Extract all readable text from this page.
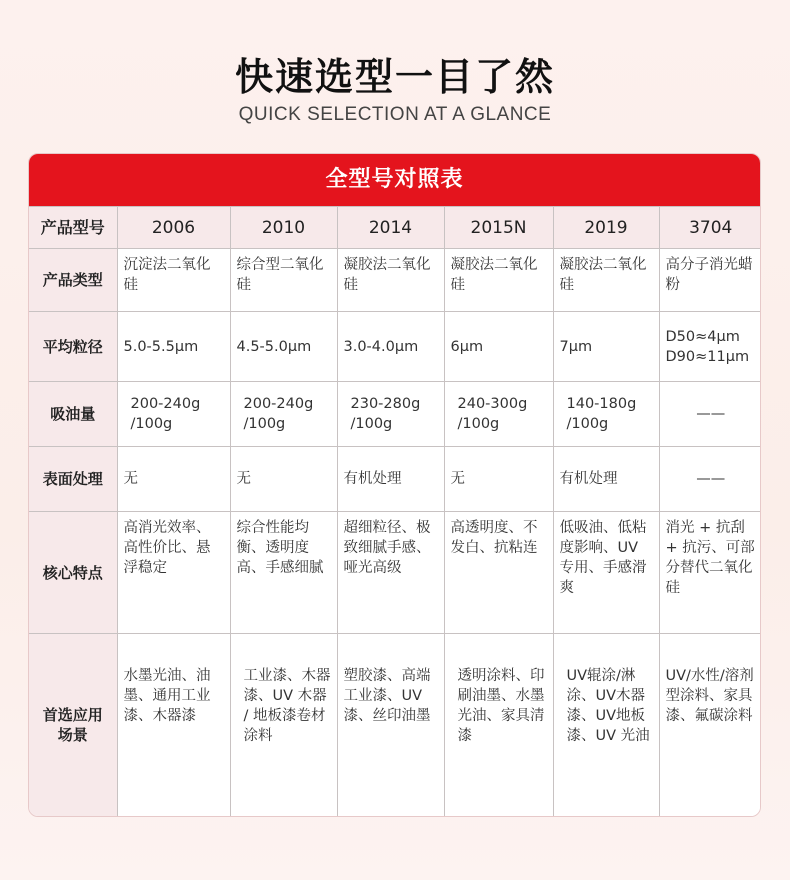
快速选型一目了然
QUICK SELECTION AT A GLANCE
全型号对照表
产品型号	2006	2010	2014	2015N	2019	3704
产品类型	沉淀法二氧化硅	综合型二氧化硅	凝胶法二氧化硅	凝胶法二氧化硅	凝胶法二氧化硅	高分子消光蜡粉
平均粒径	5.0-5.5μm	4.5-5.0μm	3.0-4.0μm	6μm	7μm	D50≈4μm D90≈11μm
吸油量	200-240g /100g	200-240g /100g	230-280g /100g	240-300g /100g	140-180g /100g	——
表面处理	无	无	有机处理	无	有机处理	——
核心特点	高消光效率、高性价比、悬浮稳定	综合性能均衡、透明度高、手感细腻	超细粒径、极致细腻手感、哑光高级	高透明度、不发白、抗粘连	低吸油、低粘度影响、UV 专用、手感滑爽	消光 + 抗刮 + 抗污、可部分替代二氧化硅
首选应用场景	水墨光油、油墨、通用工业漆、木器漆	工业漆、木器漆、UV 木器 / 地板漆卷材涂料	塑胶漆、高端工业漆、UV 漆、丝印油墨	透明涂料、印刷油墨、水墨光油、家具清漆	UV辊涂/淋涂、UV木器漆、UV地板漆、UV 光油	UV/水性/溶剂型涂料、家具漆、氟碳涂料
